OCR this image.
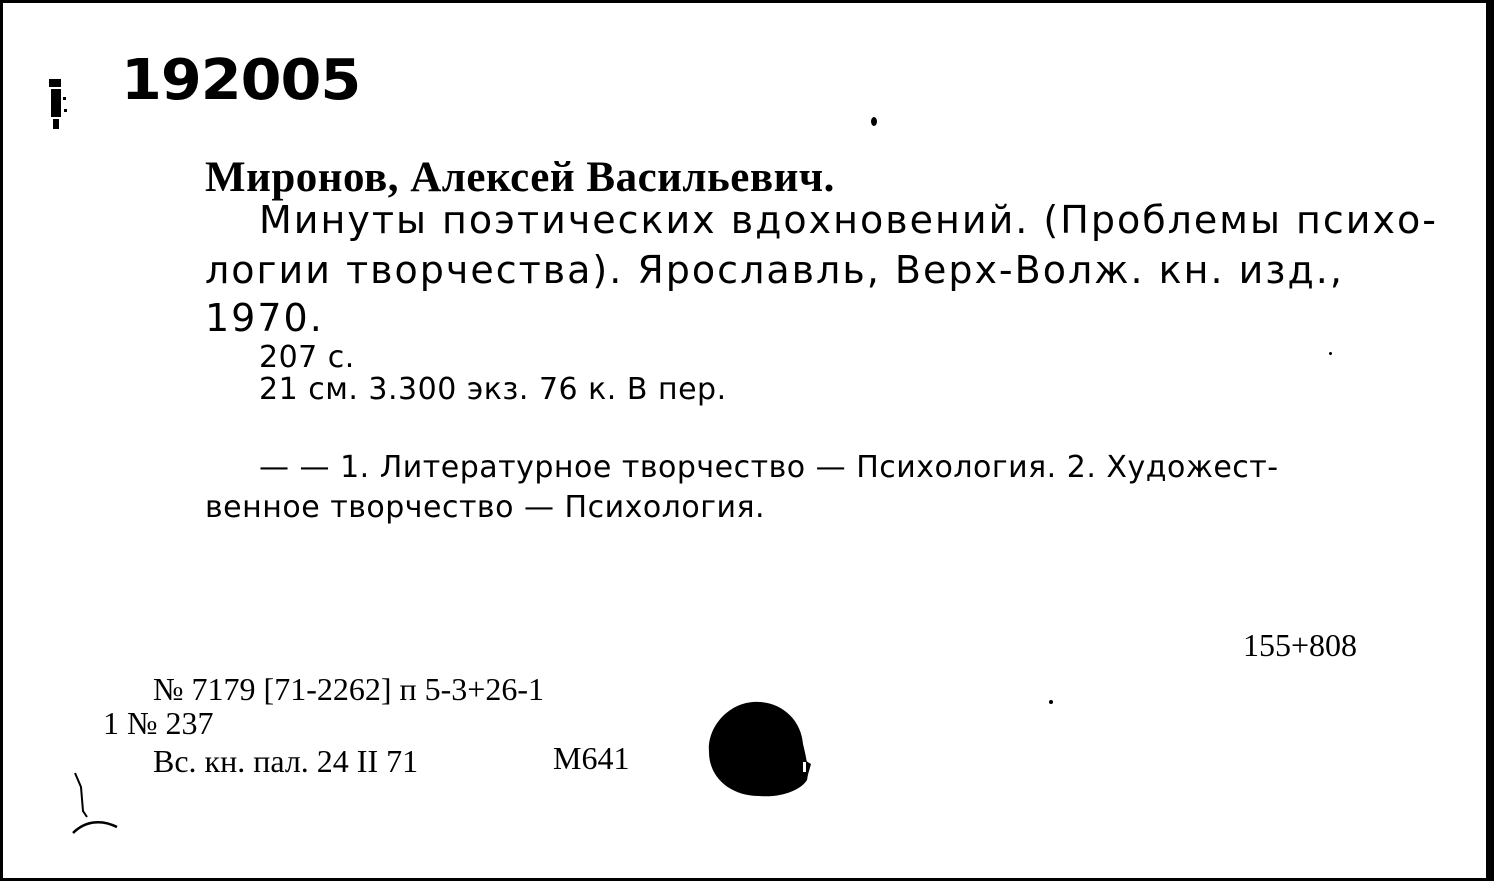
192005
Миронов, Алексей Васильевич.
Минуты поэтических вдохновений. (Проблемы психо-
логии творчества). Ярославль, Верх-Волж. кн. изд.,
1970.
207 с.
21 см. 3.300 экз. 76 к. В пер.
— — 1. Литературное творчество — Психология. 2. Художест-
венное творчество — Психология.
155+808
№ 7179 [71-2262] п 5-3+26-1
1 № 237
Вс. кн. пал. 24 II 71	М641
